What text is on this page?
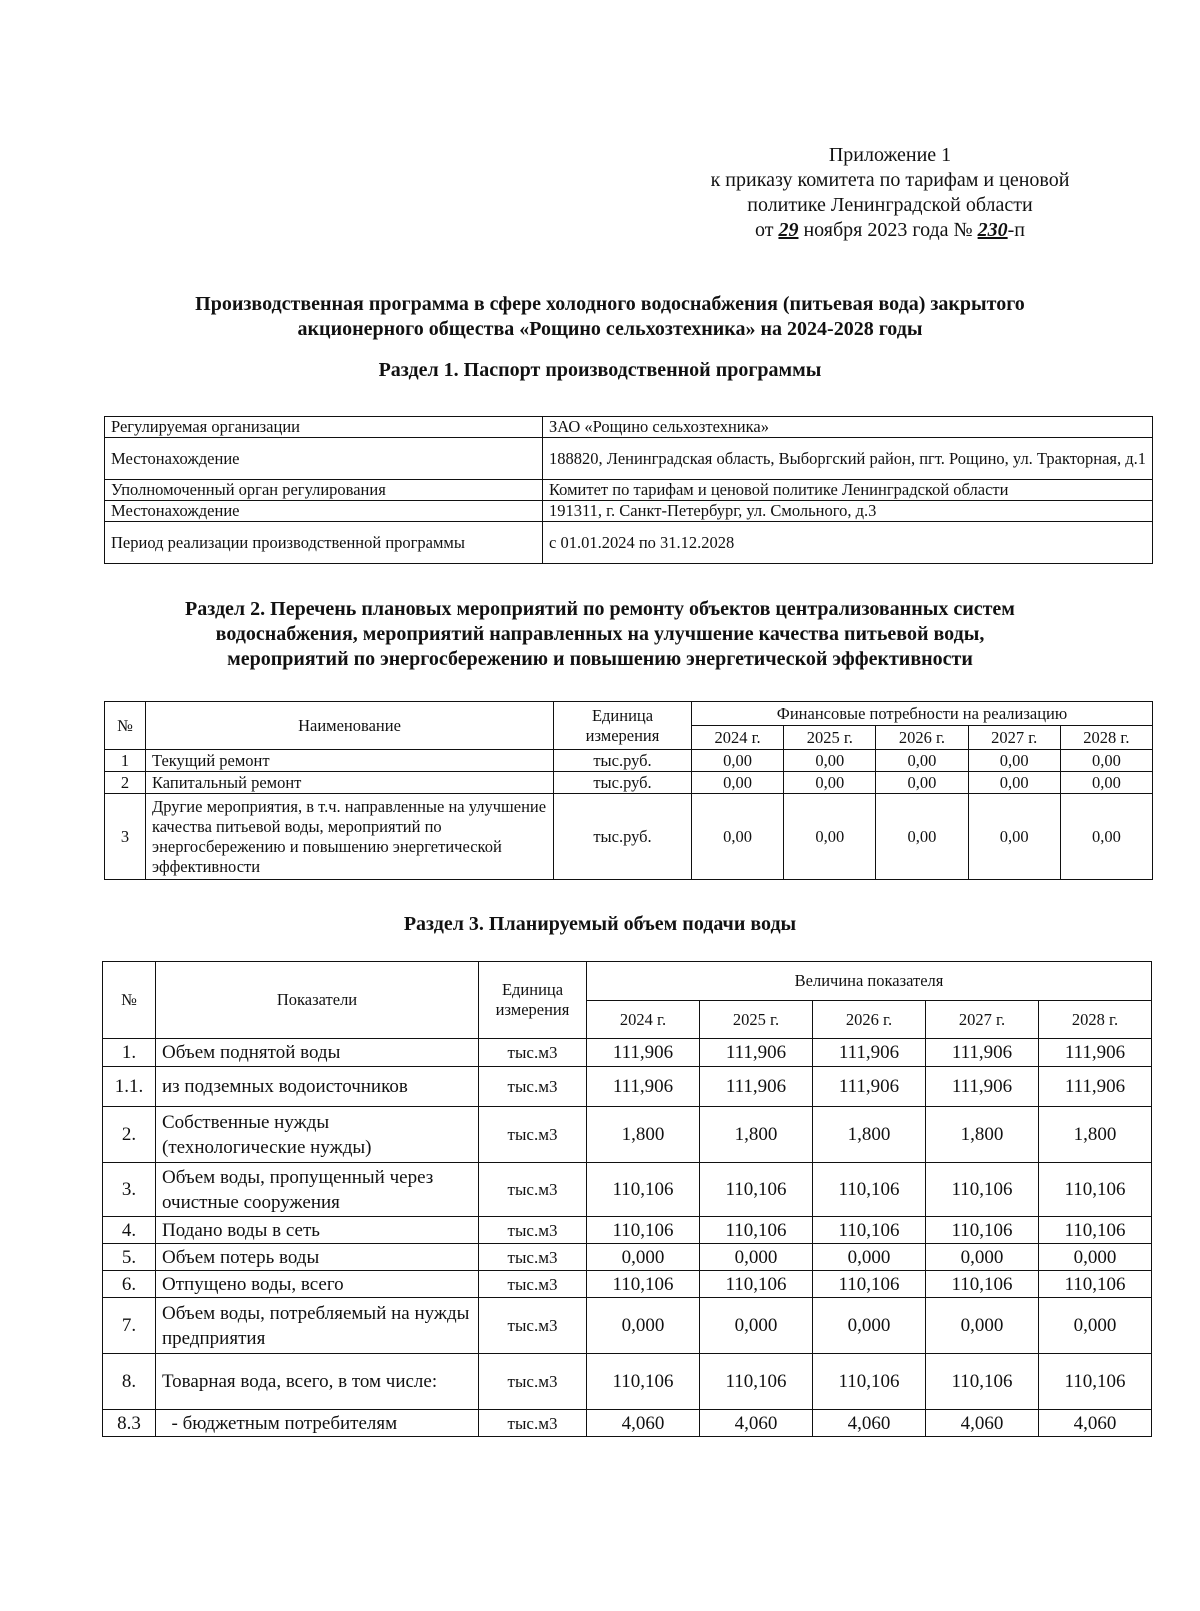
Приложение 1
к приказу комитета по тарифам и ценовой
политике Ленинградской области
от 29 ноября 2023 года № 230-п
Производственная программа в сфере холодного водоснабжения (питьевая вода) закрытого
акционерного общества «Рощино сельхозтехника» на 2024-2028 годы
Раздел 1. Паспорт производственной программы
Регулируемая организации	ЗАО «Рощино сельхозтехника»
Местонахождение	188820, Ленинградская область, Выборгский район, пгт. Рощино, ул. Тракторная, д.1
Уполномоченный орган регулирования	Комитет по тарифам и ценовой политике Ленинградской области
Местонахождение	191311, г. Санкт-Петербург, ул. Смольного, д.3
Период реализации производственной программы	с 01.01.2024 по 31.12.2028
Раздел 2. Перечень плановых мероприятий по ремонту объектов централизованных систем
водоснабжения, мероприятий направленных на улучшение качества питьевой воды,
мероприятий по энергосбережению и повышению энергетической эффективности
№	Наименование	Единица измерения	Финансовые потребности на реализацию				
			2024 г.	2025 г.	2026 г.	2027 г.	2028 г.
1	Текущий ремонт	тыс.руб.	0,00	0,00	0,00	0,00	0,00
2	Капитальный ремонт	тыс.руб.	0,00	0,00	0,00	0,00	0,00
3	Другие мероприятия, в т.ч. направленные на улучшение качества питьевой воды, мероприятий по энергосбережению и повышению энергетической эффективности	тыс.руб.	0,00	0,00	0,00	0,00	0,00
Раздел 3. Планируемый объем подачи воды
№	Показатели	Единица измерения	Величина показателя				
			2024 г.	2025 г.	2026 г.	2027 г.	2028 г.
1.	Объем поднятой воды	тыс.м3	111,906	111,906	111,906	111,906	111,906
1.1.	из подземных водоисточников	тыс.м3	111,906	111,906	111,906	111,906	111,906
2.	Собственные нужды (технологические нужды)	тыс.м3	1,800	1,800	1,800	1,800	1,800
3.	Объем воды, пропущенный через очистные сооружения	тыс.м3	110,106	110,106	110,106	110,106	110,106
4.	Подано воды в сеть	тыс.м3	110,106	110,106	110,106	110,106	110,106
5.	Объем потерь воды	тыс.м3	0,000	0,000	0,000	0,000	0,000
6.	Отпущено воды, всего	тыс.м3	110,106	110,106	110,106	110,106	110,106
7.	Объем воды, потребляемый на нужды предприятия	тыс.м3	0,000	0,000	0,000	0,000	0,000
8.	Товарная вода, всего, в том числе:	тыс.м3	110,106	110,106	110,106	110,106	110,106
8.3	- бюджетным потребителям	тыс.м3	4,060	4,060	4,060	4,060	4,060
